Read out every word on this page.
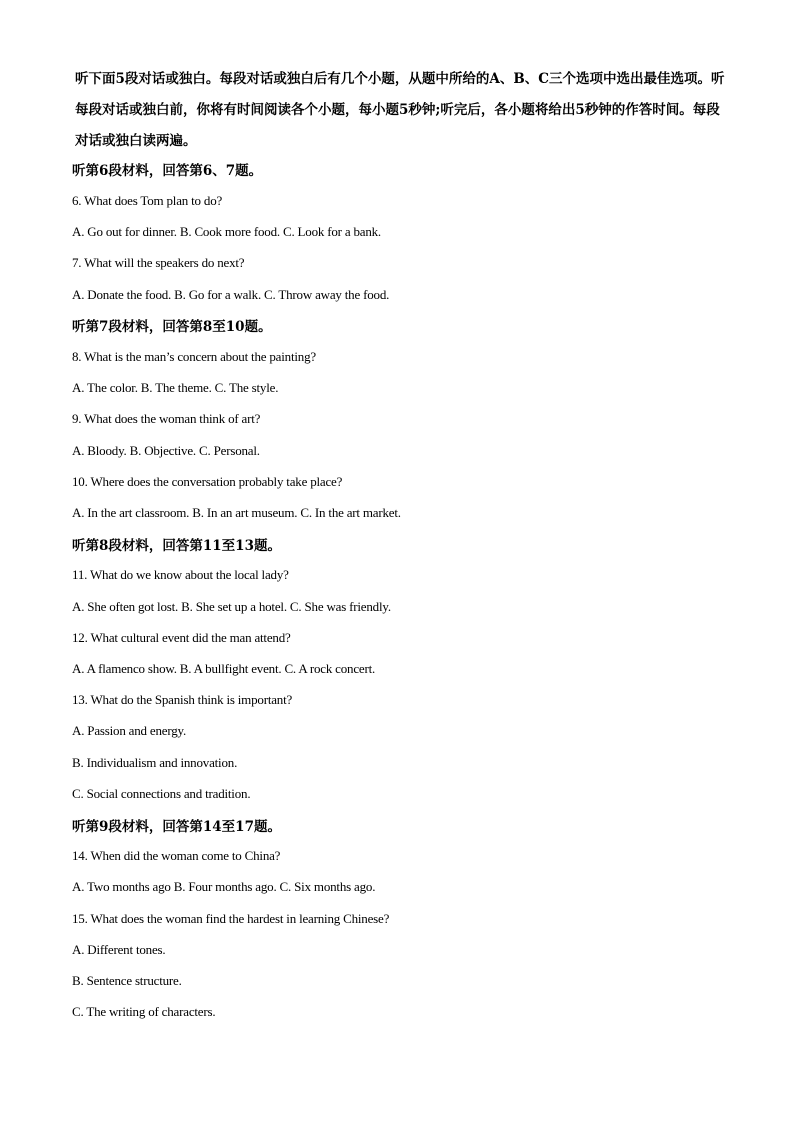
听下面5段对话或独白。每段对话或独白后有几个小题，从题中所给的A、B、C三个选项中选出最佳选项。听每段对话或独白前，你将有时间阅读各个小题，每小题5秒钟;听完后，各小题将给出5秒钟的作答时间。每段对话或独白读两遍。
听第6段材料，回答第6、7题。
6. What does Tom plan to do?
A. Go out for dinner. B. Cook more food. C. Look for a bank.
7. What will the speakers do next?
A. Donate the food. B. Go for a walk. C. Throw away the food.
听第7段材料，回答第8至10题。
8. What is the man’s concern about the painting?
A. The color. B. The theme. C. The style.
9. What does the woman think of art?
A. Bloody. B. Objective. C. Personal.
10. Where does the conversation probably take place?
A. In the art classroom. B. In an art museum. C. In the art market.
听第8段材料，回答第11至13题。
11. What do we know about the local lady?
A. She often got lost. B. She set up a hotel. C. She was friendly.
12. What cultural event did the man attend?
A. A flamenco show. B. A bullfight event. C. A rock concert.
13. What do the Spanish think is important?
A. Passion and energy.
B. Individualism and innovation.
C. Social connections and tradition.
听第9段材料，回答第14至17题。
14. When did the woman come to China?
A. Two months ago B. Four months ago. C. Six months ago.
15. What does the woman find the hardest in learning Chinese?
A. Different tones.
B. Sentence structure.
C. The writing of characters.
